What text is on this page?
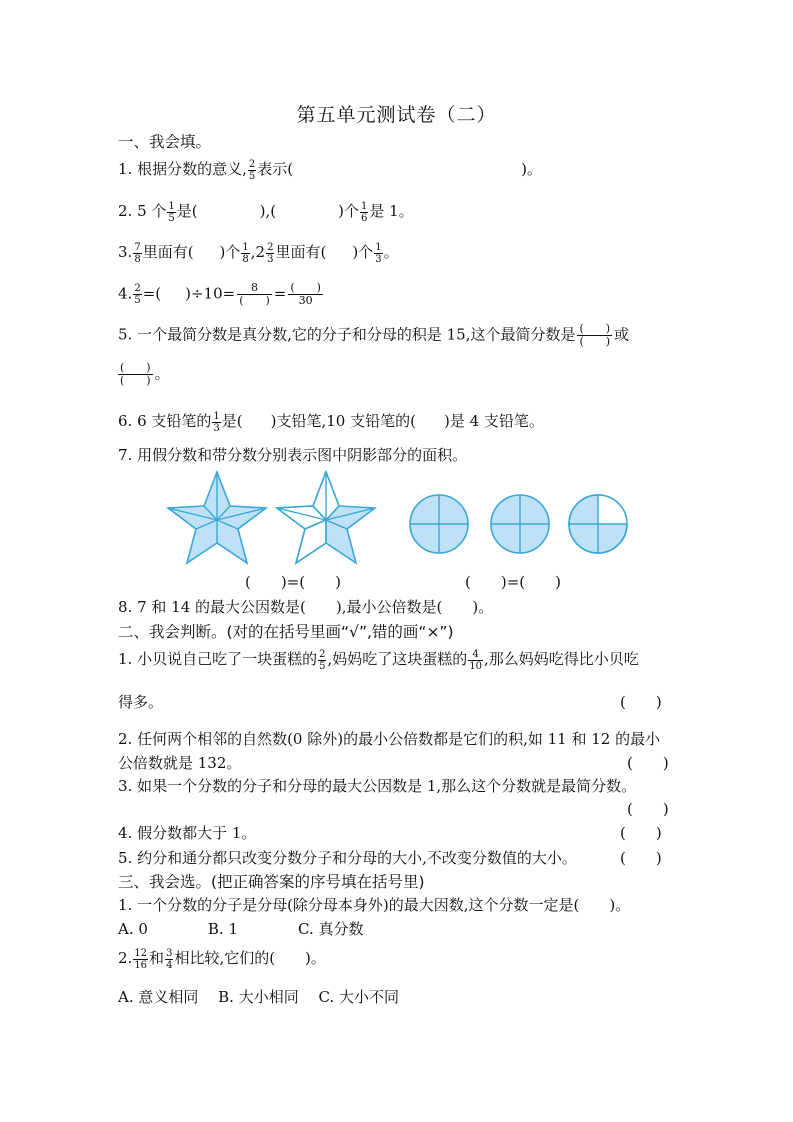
第五单元测试卷（二）
一、我会填。
1. 根据分数的意义, $\frac{2}{5}$ 表示(	)。
2. 5 个 $\frac{1}{5}$ 是(	),(	)个 $\frac{1}{6}$ 是 1。
3. $\frac{7}{8}$ 里面有( )个 $\frac{1}{8} ,2 \frac{2}{3}$ 里面有( )个 $\frac{1}{3}$ 。
4. $\frac{2}{5}$ =( )$\div 10= \frac{8}{( )} = \frac{( )}{30}$
5. 一个最简分数是真分数,它的分子和分母的积是 15,这个最简分数是 $\frac{( )}{( )}$ 或
$\frac{( )}{( )}$ 。
6. 6 支铅笔的 $\frac{1}{3}$ 是( )支铅笔,10 支铅笔的( )是 4 支铅笔。
7. 用假分数和带分数分别表示图中阴影部分的面积。
(　　)=(　　)	(　　)=(　　)
8. 7 和 14 的最大公因数是(　　),最小公倍数是(　　)。
二、我会判断。(对的在括号里画“√”,错的画“×”)
1. 小贝说自己吃了一块蛋糕的 $\frac{2}{5}$ ,妈妈吃了这块蛋糕的 $\frac{4}{10}$ ,那么妈妈吃得比小贝吃
得多。	(　　)
2. 任何两个相邻的自然数(0 除外)的最小公倍数都是它们的积,如 11 和 12 的最小
公倍数就是 132。	(　　)
3. 如果一个分数的分子和分母的最大公因数是 1,那么这个分数就是最简分数。
(　　)
4. 假分数都大于 1。	(　　)
5. 约分和通分都只改变分数分子和分母的大小,不改变分数值的大小。	(　　)
三、我会选。(把正确答案的序号填在括号里)
1. 一个分数的分子是分母(除分母本身外)的最大因数,这个分数一定是(　　)。
A. 0　　　　B. 1　　　　C. 真分数
2. $\frac{12}{16}$ 和 $\frac{3}{4}$ 相比较,它们的(　　)。
A. 意义相同　 B. 大小相同　 C. 大小不同
